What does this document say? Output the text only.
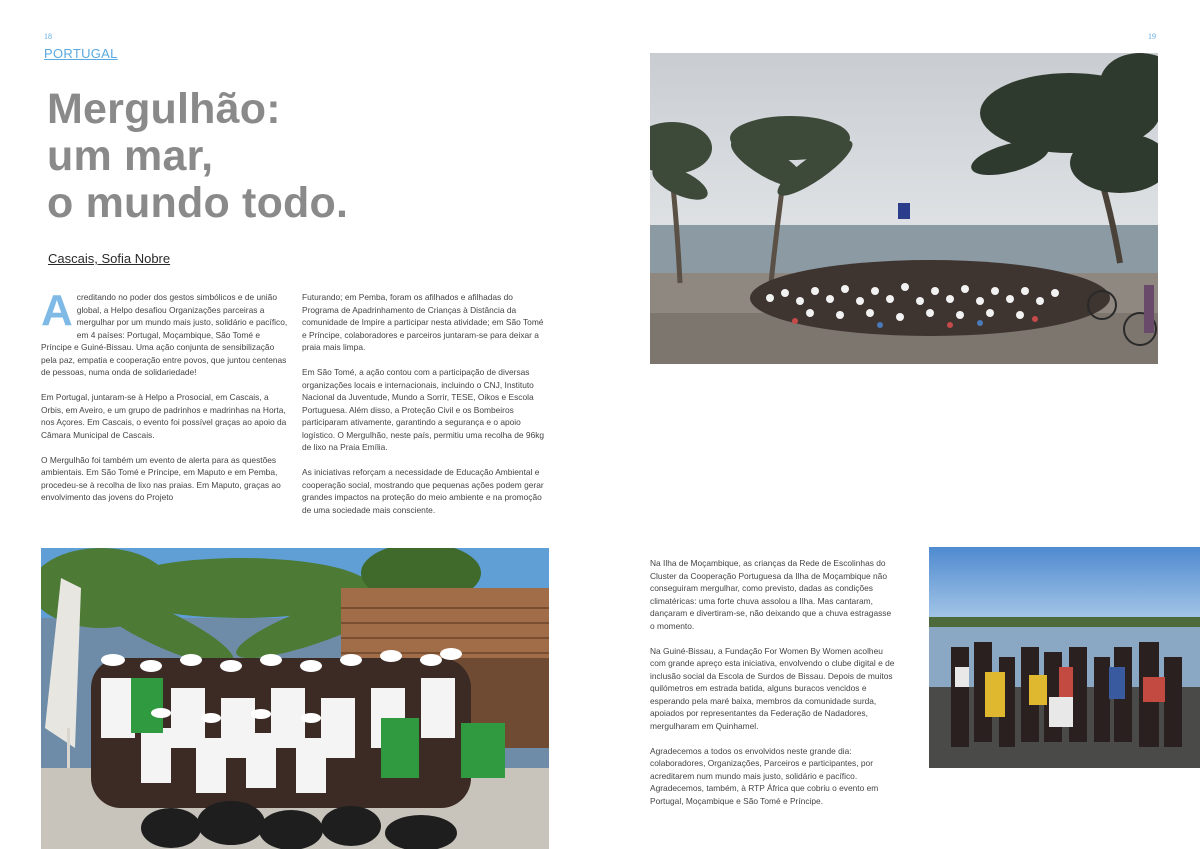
18	19
PORTUGAL
Mergulhão:
um mar,
o mundo todo.
Cascais, Sofia Nobre

Acreditando no poder dos gestos simbólicos e de união global, a Helpo desafiou Organizações parceiras a mergulhar por um mundo mais justo, solidário e pacífico, em 4 países: Portugal, Moçambique, São Tomé e Príncipe e Guiné-Bissau. Uma ação conjunta de sensibilização pela paz, empatia e cooperação entre povos, que juntou centenas de pessoas, numa onda de solidariedade!

Em Portugal, juntaram-se à Helpo a Prosocial, em Cascais, a Orbis, em Aveiro, e um grupo de padrinhos e madrinhas na Horta, nos Açores. Em Cascais, o evento foi possível graças ao apoio da Câmara Municipal de Cascais.

O Mergulhão foi também um evento de alerta para as questões ambientais. Em São Tomé e Príncipe, em Maputo e em Pemba, procedeu-se à recolha de lixo nas praias. Em Maputo, graças ao envolvimento das jovens do Projeto

Futurando; em Pemba, foram os afilhados e afilhadas do Programa de Apadrinhamento de Crianças à Distância da comunidade de Impire a participar nesta atividade; em São Tomé e Príncipe, colaboradores e parceiros juntaram-se para deixar a praia mais limpa.

Em São Tomé, a ação contou com a participação de diversas organizações locais e internacionais, incluindo o CNJ, Instituto Nacional da Juventude, Mundo a Sorrir, TESE, Oikos e Escola Portuguesa. Além disso, a Proteção Civil e os Bombeiros participaram ativamente, garantindo a segurança e o apoio logístico. O Mergulhão, neste país, permitiu uma recolha de 96kg de lixo na Praia Emília.

As iniciativas reforçam a necessidade de Educação Ambiental e cooperação social, mostrando que pequenas ações podem gerar grandes impactos na proteção do meio ambiente e na promoção de uma sociedade mais consciente.

Na Ilha de Moçambique, as crianças da Rede de Escolinhas do Cluster da Cooperação Portuguesa da Ilha de Moçambique não conseguiram mergulhar, como previsto, dadas as condições climatéricas: uma forte chuva assolou a Ilha. Mas cantaram, dançaram e divertiram-se, não deixando que a chuva estragasse o momento.

Na Guiné-Bissau, a Fundação For Women By Women acolheu com grande apreço esta iniciativa, envolvendo o clube digital e de inclusão social da Escola de Surdos de Bissau. Depois de muitos quilómetros em estrada batida, alguns buracos vencidos e esperando pela maré baixa, membros da comunidade surda, apoiados por representantes da Federação de Nadadores, mergulharam em Quinhamel.

Agradecemos a todos os envolvidos neste grande dia: colaboradores, Organizações, Parceiros e participantes, por acreditarem num mundo mais justo, solidário e pacífico. Agradecemos, também, à RTP África que cobriu o evento em Portugal, Moçambique e São Tomé e Príncipe.
